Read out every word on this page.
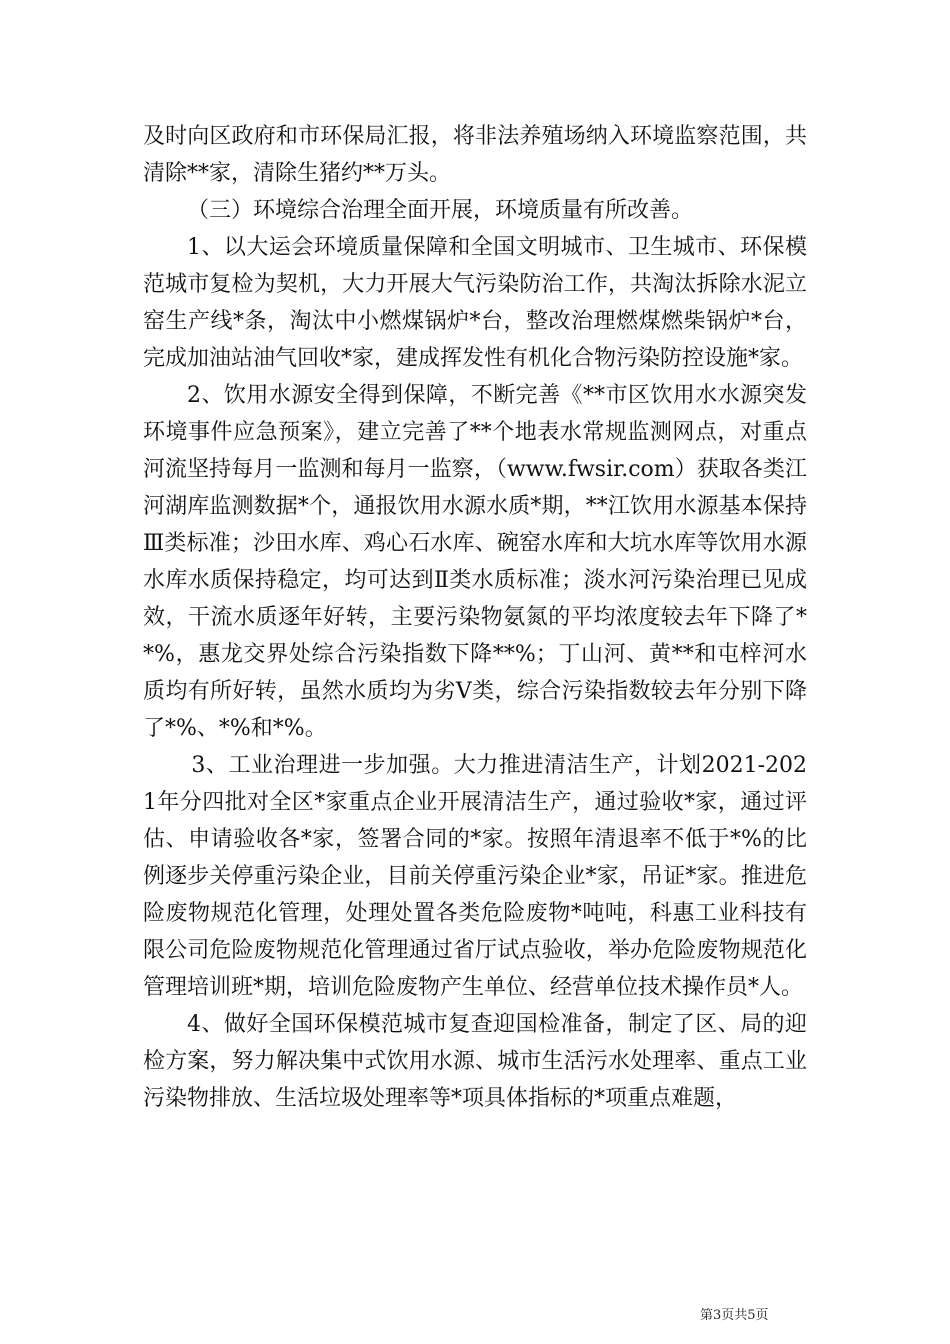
及时向区政府和市环保局汇报，将非法养殖场纳入环境监察范围，共清除**家，清除生猪约**万头。

（三）环境综合治理全面开展，环境质量有所改善。

1、以大运会环境质量保障和全国文明城市、卫生城市、环保模范城市复检为契机，大力开展大气污染防治工作，共淘汰拆除水泥立窑生产线*条，淘汰中小燃煤锅炉*台，整改治理燃煤燃柴锅炉*台，完成加油站油气回收*家，建成挥发性有机化合物污染防控设施*家。

2、饮用水源安全得到保障，不断完善《**市区饮用水水源突发环境事件应急预案》，建立完善了**个地表水常规监测网点，对重点河流坚持每月一监测和每月一监察，（www.fwsir.com）获取各类江河湖库监测数据*个，通报饮用水源水质*期，**江饮用水源基本保持Ⅲ类标准；沙田水库、鸡心石水库、碗窑水库和大坑水库等饮用水源水库水质保持稳定，均可达到Ⅱ类水质标准；淡水河污染治理已见成效，干流水质逐年好转，主要污染物氨氮的平均浓度较去年下降了**%，惠龙交界处综合污染指数下降**%；丁山河、黄**和屯梓河水质均有所好转，虽然水质均为劣Ⅴ类，综合污染指数较去年分别下降了*%、*%和*%。

3、工业治理进一步加强。大力推进清洁生产，计划2021-2021年分四批对全区*家重点企业开展清洁生产，通过验收*家，通过评估、申请验收各*家，签署合同的*家。按照年清退率不低于*%的比例逐步关停重污染企业，目前关停重污染企业*家，吊证*家。推进危险废物规范化管理，处理处置各类危险废物*吨吨，科惠工业科技有限公司危险废物规范化管理通过省厅试点验收，举办危险废物规范化管理培训班*期，培训危险废物产生单位、经营单位技术操作员*人。

4、做好全国环保模范城市复查迎国检准备，制定了区、局的迎检方案，努力解决集中式饮用水源、城市生活污水处理率、重点工业污染物排放、生活垃圾处理率等*项具体指标的*项重点难题，

第3页共5页
